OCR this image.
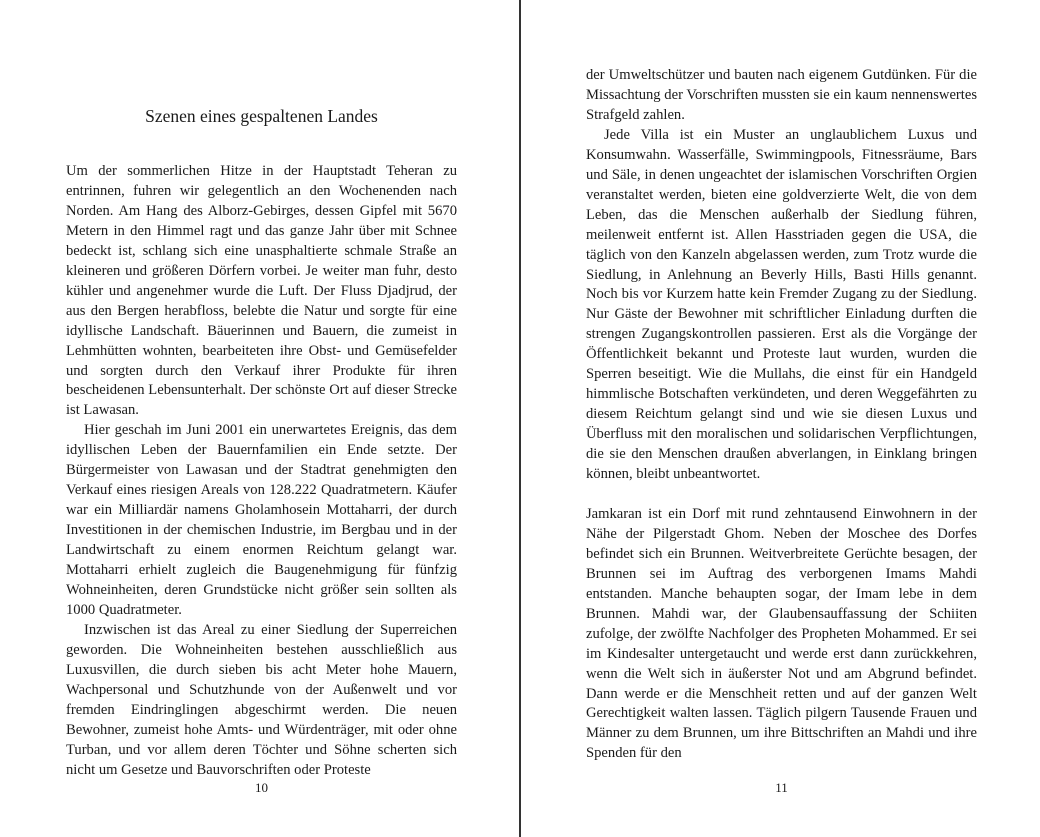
Szenen eines gespaltenen Landes

Um der sommerlichen Hitze in der Hauptstadt Teheran zu entrinnen, fuhren wir gelegentlich an den Wochenenden nach Norden. Am Hang des Alborz-Gebirges, dessen Gipfel mit 5670 Metern in den Himmel ragt und das ganze Jahr über mit Schnee bedeckt ist, schlang sich eine unasphaltierte schmale Straße an kleineren und größeren Dörfern vorbei. Je weiter man fuhr, desto kühler und angenehmer wurde die Luft. Der Fluss Djadjrud, der aus den Bergen herabfloss, belebte die Natur und sorgte für eine idyllische Landschaft. Bäuerinnen und Bauern, die zumeist in Lehmhütten wohnten, bearbeiteten ihre Obst- und Gemüsefelder und sorgten durch den Verkauf ihrer Produkte für ihren bescheidenen Lebensunterhalt. Der schönste Ort auf dieser Strecke ist Lawasan.

Hier geschah im Juni 2001 ein unerwartetes Ereignis, das dem idyllischen Leben der Bauernfamilien ein Ende setzte. Der Bürgermeister von Lawasan und der Stadtrat genehmigten den Verkauf eines riesigen Areals von 128.222 Quadratmetern. Käufer war ein Milliardär namens Gholamhosein Mottaharri, der durch Investitionen in der chemischen Industrie, im Bergbau und in der Landwirtschaft zu einem enormen Reichtum gelangt war. Mottaharri erhielt zugleich die Baugenehmigung für fünfzig Wohneinheiten, deren Grundstücke nicht größer sein sollten als 1000 Quadratmeter.

Inzwischen ist das Areal zu einer Siedlung der Superreichen geworden. Die Wohneinheiten bestehen ausschließlich aus Luxusvillen, die durch sieben bis acht Meter hohe Mauern, Wachpersonal und Schutzhunde von der Außenwelt und vor fremden Eindringlingen abgeschirmt werden. Die neuen Bewohner, zumeist hohe Amts- und Würdenträger, mit oder ohne Turban, und vor allem deren Töchter und Söhne scherten sich nicht um Gesetze und Bauvorschriften oder Proteste

10

der Umweltschützer und bauten nach eigenem Gutdünken. Für die Missachtung der Vorschriften mussten sie ein kaum nennenswertes Strafgeld zahlen.

Jede Villa ist ein Muster an unglaublichem Luxus und Konsumwahn. Wasserfälle, Swimmingpools, Fitnessräume, Bars und Säle, in denen ungeachtet der islamischen Vorschriften Orgien veranstaltet werden, bieten eine goldverzierte Welt, die von dem Leben, das die Menschen außerhalb der Siedlung führen, meilenweit entfernt ist. Allen Hasstriaden gegen die USA, die täglich von den Kanzeln abgelassen werden, zum Trotz wurde die Siedlung, in Anlehnung an Beverly Hills, Basti Hills genannt. Noch bis vor Kurzem hatte kein Fremder Zugang zu der Siedlung. Nur Gäste der Bewohner mit schriftlicher Einladung durften die strengen Zugangskontrollen passieren. Erst als die Vorgänge der Öffentlichkeit bekannt und Proteste laut wurden, wurden die Sperren beseitigt. Wie die Mullahs, die einst für ein Handgeld himmlische Botschaften verkündeten, und deren Weggefährten zu diesem Reichtum gelangt sind und wie sie diesen Luxus und Überfluss mit den moralischen und solidarischen Verpflichtungen, die sie den Menschen draußen abverlangen, in Einklang bringen können, bleibt unbeantwortet.

Jamkaran ist ein Dorf mit rund zehntausend Einwohnern in der Nähe der Pilgerstadt Ghom. Neben der Moschee des Dorfes befindet sich ein Brunnen. Weitverbreitete Gerüchte besagen, der Brunnen sei im Auftrag des verborgenen Imams Mahdi entstanden. Manche behaupten sogar, der Imam lebe in dem Brunnen. Mahdi war, der Glaubensauffassung der Schiiten zufolge, der zwölfte Nachfolger des Propheten Mohammed. Er sei im Kindesalter untergetaucht und werde erst dann zurückkehren, wenn die Welt sich in äußerster Not und am Abgrund befindet. Dann werde er die Menschheit retten und auf der ganzen Welt Gerechtigkeit walten lassen. Täglich pilgern Tausende Frauen und Männer zu dem Brunnen, um ihre Bittschriften an Mahdi und ihre Spenden für den

11
